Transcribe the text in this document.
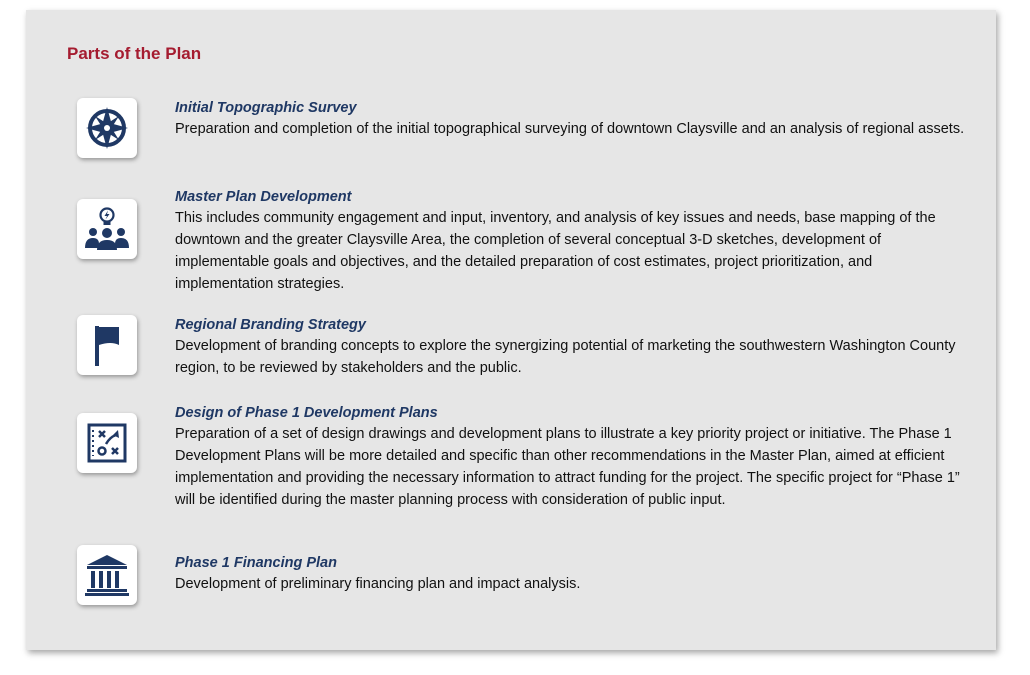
Parts of the Plan

Initial Topographic Survey

Preparation and completion of the initial topographical surveying of downtown Claysville and an analysis of regional assets.

Master Plan Development

This includes community engagement and input, inventory, and analysis of key issues and needs, base mapping of the downtown and the greater Claysville Area, the completion of several conceptual 3-D sketches, development of implementable goals and objectives, and the detailed preparation of cost estimates, project prioritization, and implementation strategies.

Regional Branding Strategy

Development of branding concepts to explore the synergizing potential of marketing the southwestern Washington County region, to be reviewed by stakeholders and the public.

Design of Phase 1 Development Plans

Preparation of a set of design drawings and development plans to illustrate a key priority project or initiative. The Phase 1 Development Plans will be more detailed and specific than other recommendations in the Master Plan, aimed at efficient implementation and providing the necessary information to attract funding for the project. The specific project for “Phase 1” will be identified during the master planning process with consideration of public input.

Phase 1 Financing Plan

Development of preliminary financing plan and impact analysis.
